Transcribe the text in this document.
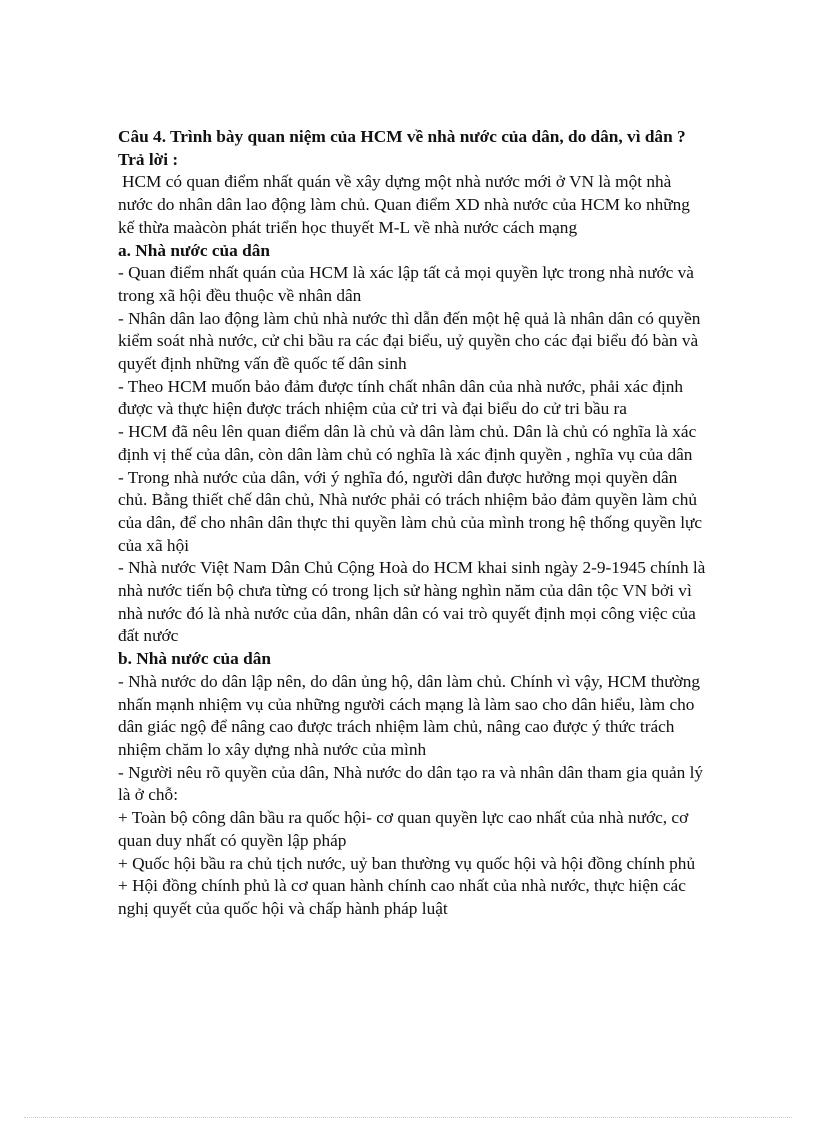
Câu 4. Trình bày quan niệm của HCM về nhà nước của dân, do dân, vì dân ?

Trả lời :

HCM có quan điểm nhất quán về xây dựng một nhà nước mới ở VN là một nhà nước do nhân dân lao động làm chủ. Quan điểm XD nhà nước của HCM ko những kế thừa maàcòn phát triển học thuyết M-L về nhà nước cách mạng

a. Nhà nước của dân

- Quan điểm nhất quán của HCM là xác lập tất cả mọi quyền lực trong nhà nước và trong xã hội đều thuộc về nhân dân

- Nhân dân lao động làm chủ nhà nước thì dẫn đến một hệ quả là nhân dân có quyền kiểm soát nhà nước, cử chi bầu ra các đại biểu, uỷ quyền cho các đại biểu đó bàn và quyết định những vấn đề quốc tế dân sinh

- Theo HCM muốn bảo đảm được tính chất nhân dân của nhà nước, phải xác định được và thực hiện được trách nhiệm của cử tri và đại biểu do cử tri bầu ra

- HCM đã nêu lên quan điểm dân là chủ và dân làm chủ. Dân là chủ có nghĩa là xác định vị thế của dân, còn dân làm chủ có nghĩa là xác định quyền , nghĩa vụ của dân

- Trong nhà nước của dân, với ý nghĩa đó, người dân được hưởng mọi quyền dân chủ. Bằng thiết chế dân chủ, Nhà nước phải có trách nhiệm bảo đảm quyền làm chủ của dân, để cho nhân dân thực thi quyền làm chủ của mình trong hệ thống quyền lực của xã hội

- Nhà nước Việt Nam Dân Chủ Cộng Hoà do HCM khai sinh ngày 2-9-1945 chính là nhà nước tiến bộ chưa từng có trong lịch sử hàng nghìn năm của dân tộc VN bởi vì nhà nước đó là nhà nước của dân, nhân dân có vai trò quyết định mọi công việc của đất nước

b. Nhà nước của dân

- Nhà nước do dân lập nên, do dân ủng hộ, dân làm chủ. Chính vì vậy, HCM thường nhấn mạnh nhiệm vụ của những người cách mạng là làm sao cho dân hiểu, làm cho dân giác ngộ để nâng cao được trách nhiệm làm chủ, nâng cao được ý thức trách nhiệm chăm lo xây dựng nhà nước của mình

- Người nêu rõ quyền của dân, Nhà nước do dân tạo ra và nhân dân tham gia quản lý là ở chỗ:

+ Toàn bộ công dân bầu ra quốc hội- cơ quan quyền lực cao nhất của nhà nước, cơ quan duy nhất có quyền lập pháp

+ Quốc hội bầu ra chủ tịch nước, uỷ ban thường vụ quốc hội và hội đồng chính phủ

+ Hội đồng chính phủ là cơ quan hành chính cao nhất của nhà nước, thực hiện các nghị quyết của quốc hội và chấp hành pháp luật
